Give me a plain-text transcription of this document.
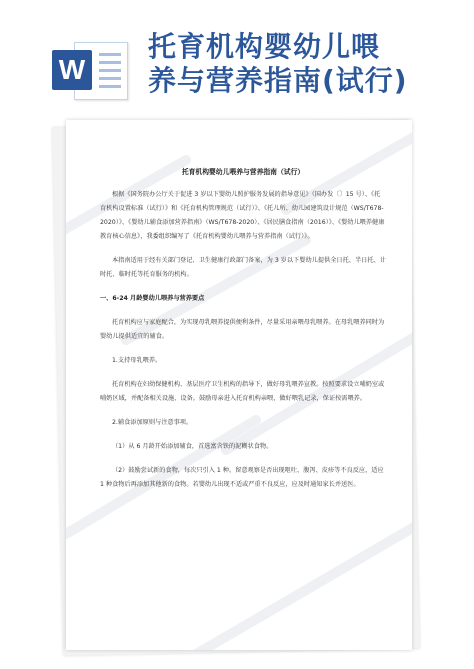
W
托育机构婴幼儿喂
养与营养指南(试行)
托育机构婴幼儿喂养与营养指南（试行）

根据《国务院办公厅关于促进 3 岁以下婴幼儿照护服务发展的指导意见》（国办发〔〕15 号）、《托育机构设置标准（试行）》和《托育机构管理规范（试行）》、《托儿所、幼儿园建筑设计规范（WS/T678-2020）》、《婴幼儿辅食添加营养指南》（WS/T678-2020）、《居民膳食指南（2016）》、《婴幼儿喂养健康教育核心信息》，我委组织编写了《托育机构婴幼儿喂养与营养指南（试行）》。

本指南适用于经有关部门登记、卫生健康行政部门备案，为 3 岁以下婴幼儿提供全日托、半日托、计时托、临时托等托育服务的机构。

一、6-24 月龄婴幼儿喂养与营养要点

托育机构应与家庭配合，为实现母乳喂养提供便利条件，尽量采用亲喂母乳喂养。在母乳喂养同时为婴幼儿提供适宜的辅食。

1.支持母乳喂养。

托育机构在妇幼保健机构、基层医疗卫生机构的指导下，做好母乳喂养宣教。按照要求设立哺奶室或哺奶区域，并配备相关设施、设备。鼓励母亲进入托育机构亲喂，做好喂乳记录，保证按需喂养。

2.辅食添加原则与注意事项。

（1）从 6 月龄开始添加辅食，首选富含铁的泥糊状食物。

（2）鼓励尝试新的食物，每次只引入 1 种。留意观察是否出现呕吐、腹泻、皮疹等不良反应，适应 1 种食物后再添加其他新的食物。若婴幼儿出现不适或严重不良反应，应及时通知家长并送医。
